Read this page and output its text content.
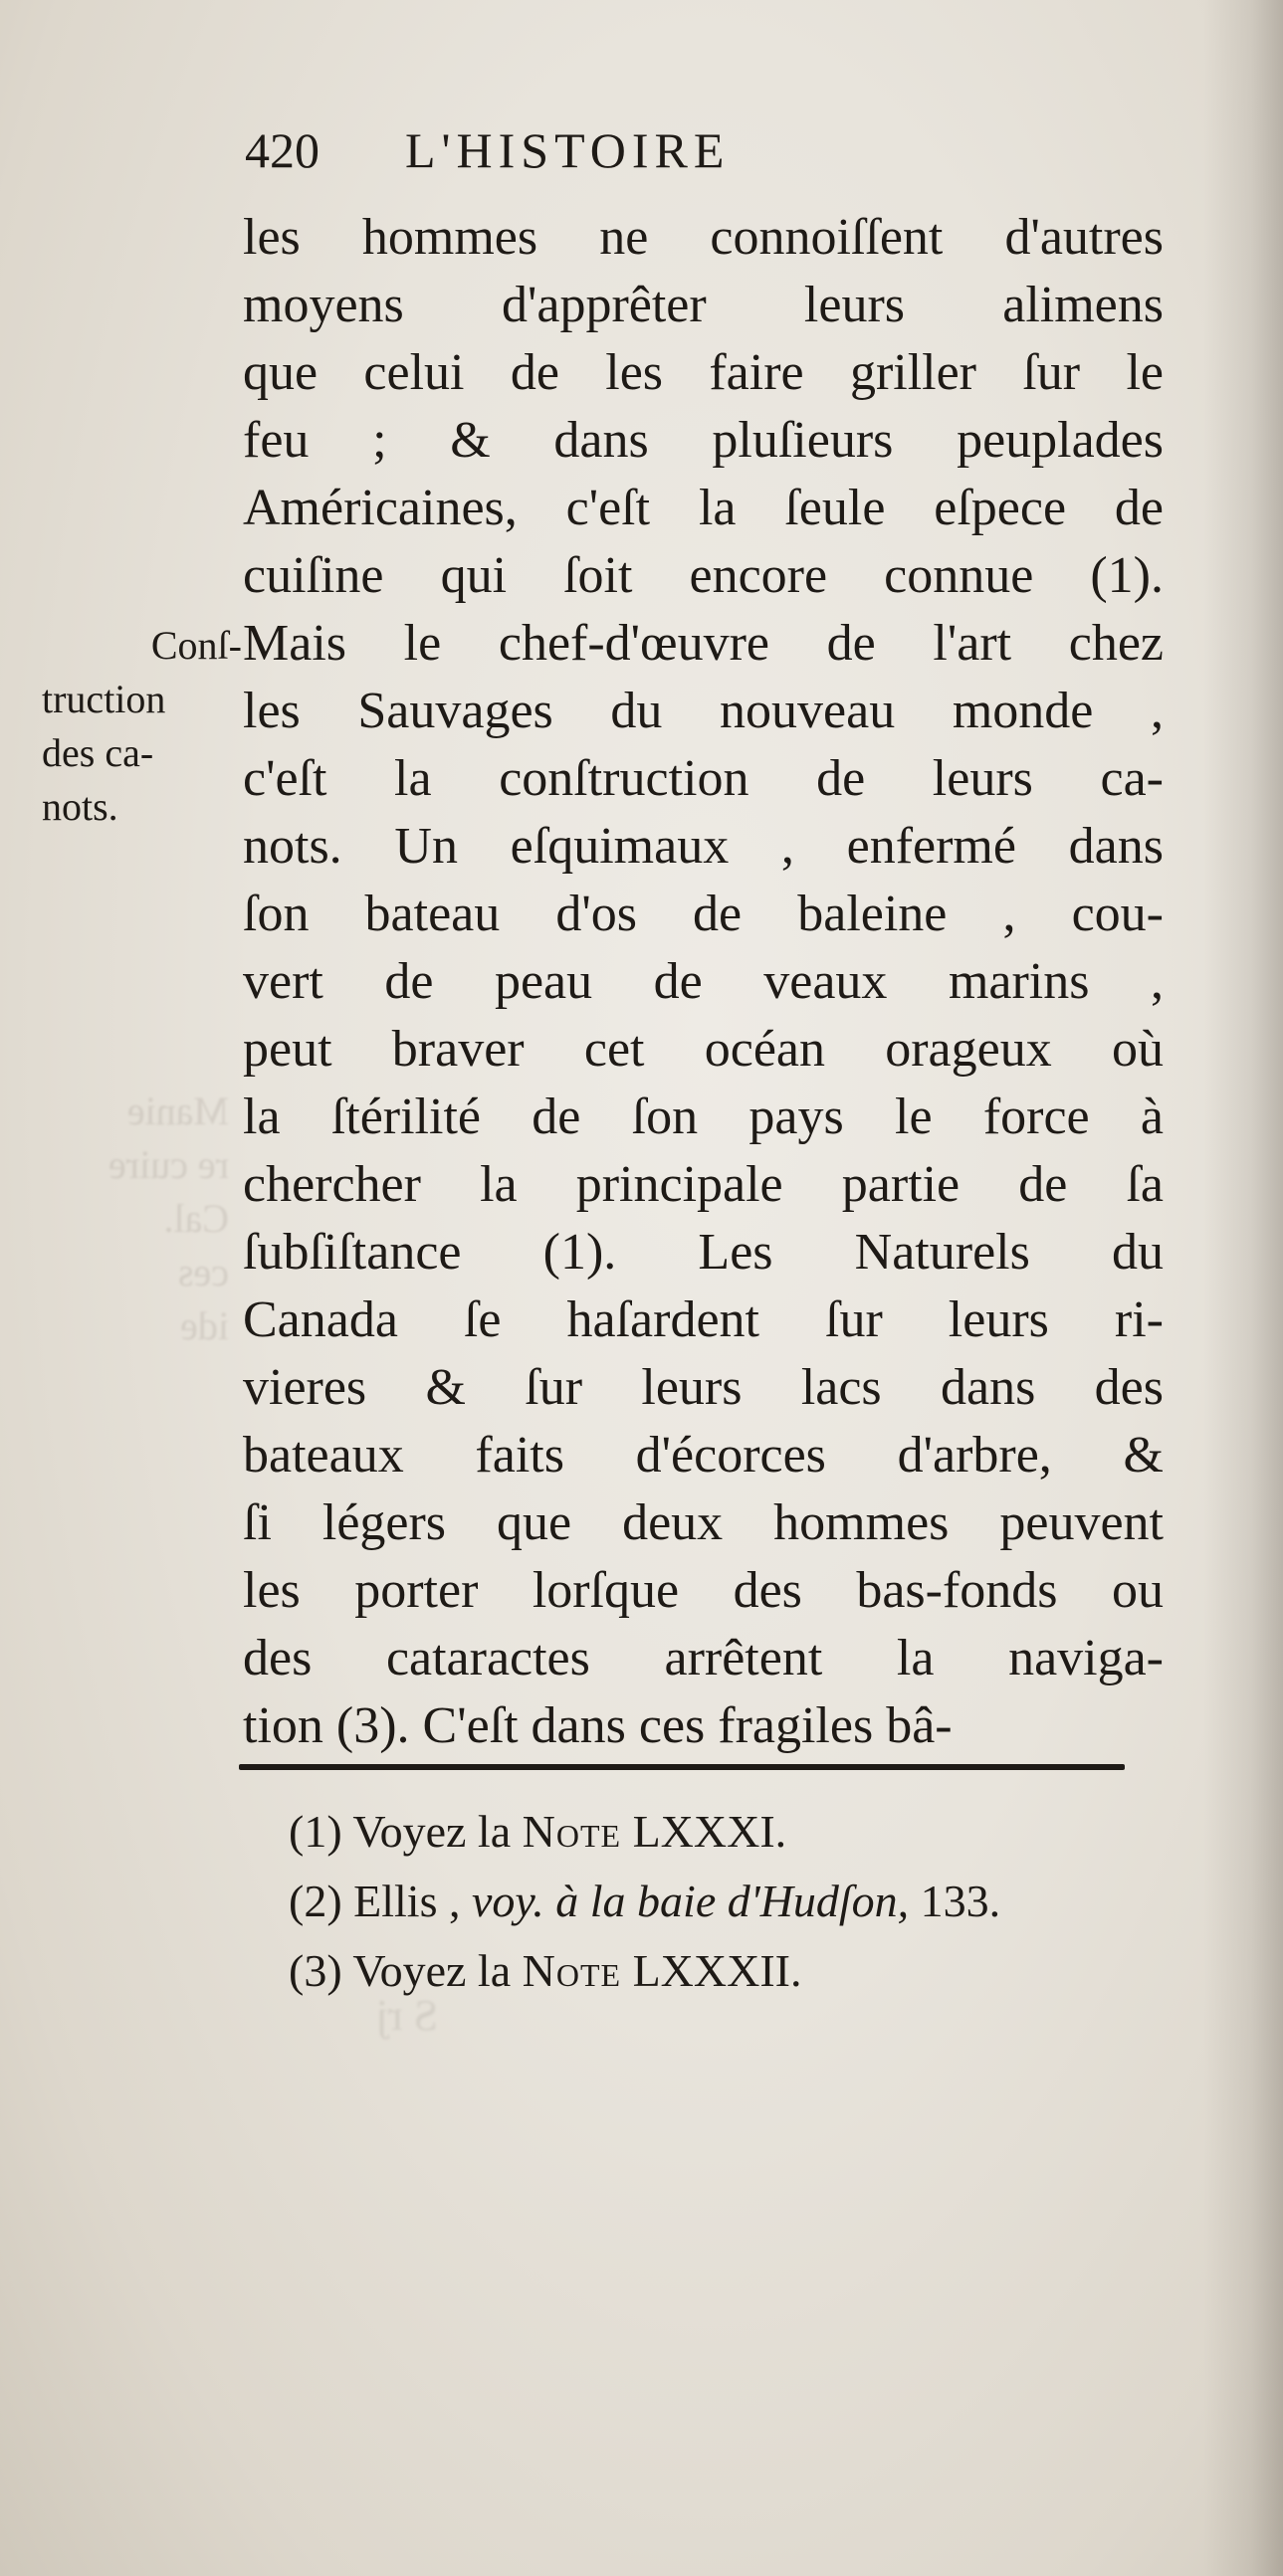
Manie
re cuire
Cal.
ces
ide
S rj
420 L'HISTOIRE
Conſ-
truction
des ca-
nots.
les hommes ne connoiſſent d'autres
moyens d'apprêter leurs alimens
que celui de les faire griller ſur le
feu ; & dans pluſieurs peuplades
Américaines, c'eſt la ſeule eſpece de
cuiſine qui ſoit encore connue (1).
Mais le chef-d'œuvre de l'art chez
les Sauvages du nouveau monde ,
c'eſt la conſtruction de leurs ca-
nots. Un eſquimaux , enfermé dans
ſon bateau d'os de baleine , cou-
vert de peau de veaux marins ,
peut braver cet océan orageux où
la ſtérilité de ſon pays le force à
chercher la principale partie de ſa
ſubſiſtance (1). Les Naturels du
Canada ſe haſardent ſur leurs ri-
vieres & ſur leurs lacs dans des
bateaux faits d'écorces d'arbre, &
ſi légers que deux hommes peuvent
les porter lorſque des bas-fonds ou
des cataractes arrêtent la naviga-
tion (3). C'eſt dans ces fragiles bâ-
(1) Voyez la Note LXXXI.
(2) Ellis , voy. à la baie d'Hudſon, 133.
(3) Voyez la Note LXXXII.
